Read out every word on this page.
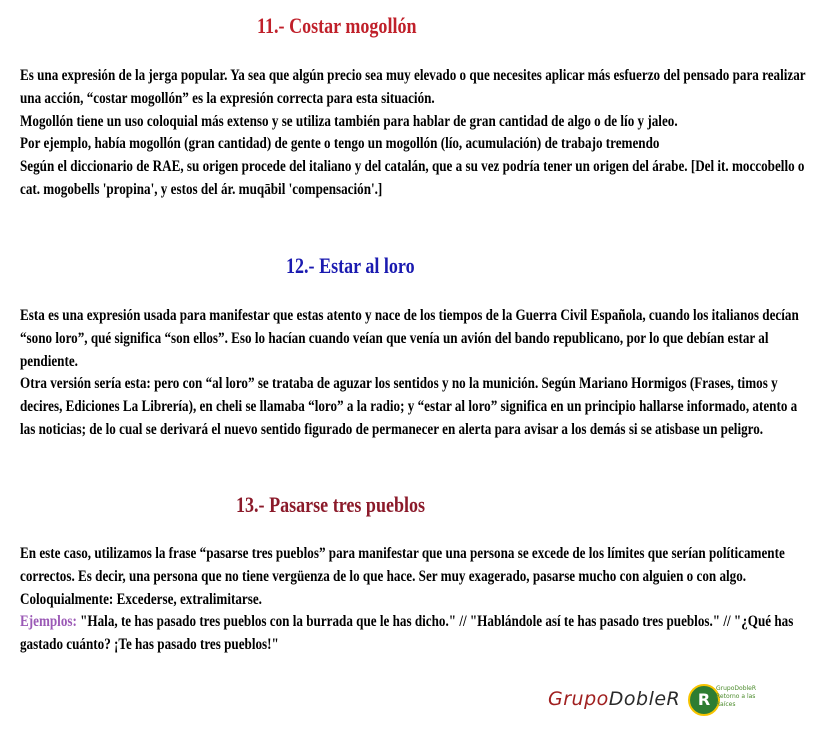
11.- Costar mogollón

Es una expresión de la jerga popular. Ya sea que algún precio sea muy elevado o que necesites aplicar más esfuerzo del pensado para realizar una acción, “costar mogollón” es la expresión correcta para esta situación.

Mogollón tiene un uso coloquial más extenso y se utiliza también para hablar de gran cantidad de algo o de lío y jaleo.

Por ejemplo, había mogollón (gran cantidad) de gente o tengo un mogollón (lío, acumulación) de trabajo tremendo

Según el diccionario de RAE, su origen procede del italiano y del catalán, que a su vez podría tener un origen del árabe. [Del it. moccobello o cat. mogobells 'propina', y estos del ár. muqābil 'compensación'.]

12.- Estar al loro

Esta es una expresión usada para manifestar que estas atento y nace de los tiempos de la Guerra Civil Española, cuando los italianos decían “sono loro”, qué significa “son ellos”. Eso lo hacían cuando veían que venía un avión del bando republicano, por lo que debían estar al pendiente.

Otra versión sería esta: pero con “al loro” se trataba de aguzar los sentidos y no la munición. Según Mariano Hormigos (Frases, timos y decires, Ediciones La Librería), en cheli se llamaba “loro” a la radio; y “estar al loro” significa en un principio hallarse informado, atento a las noticias; de lo cual se derivará el nuevo sentido figurado de permanecer en alerta para avisar a los demás si se atisbase un peligro.

13.- Pasarse tres pueblos

En este caso, utilizamos la frase “pasarse tres pueblos” para manifestar que una persona se excede de los límites que serían políticamente correctos. Es decir, una persona que no tiene vergüenza de lo que hace. Ser muy exagerado, pasarse mucho con alguien o con algo.

Coloquialmente: Excederse, extralimitarse.

Ejemplos: "Hala, te has pasado tres pueblos con la burrada que le has dicho." // "Hablándole así te has pasado tres pueblos." // "¿Qué has gastado cuánto? ¡Te has pasado tres pueblos!"

GrupoDobleR	R
GrupoDobleR Retorno a las Raíces
